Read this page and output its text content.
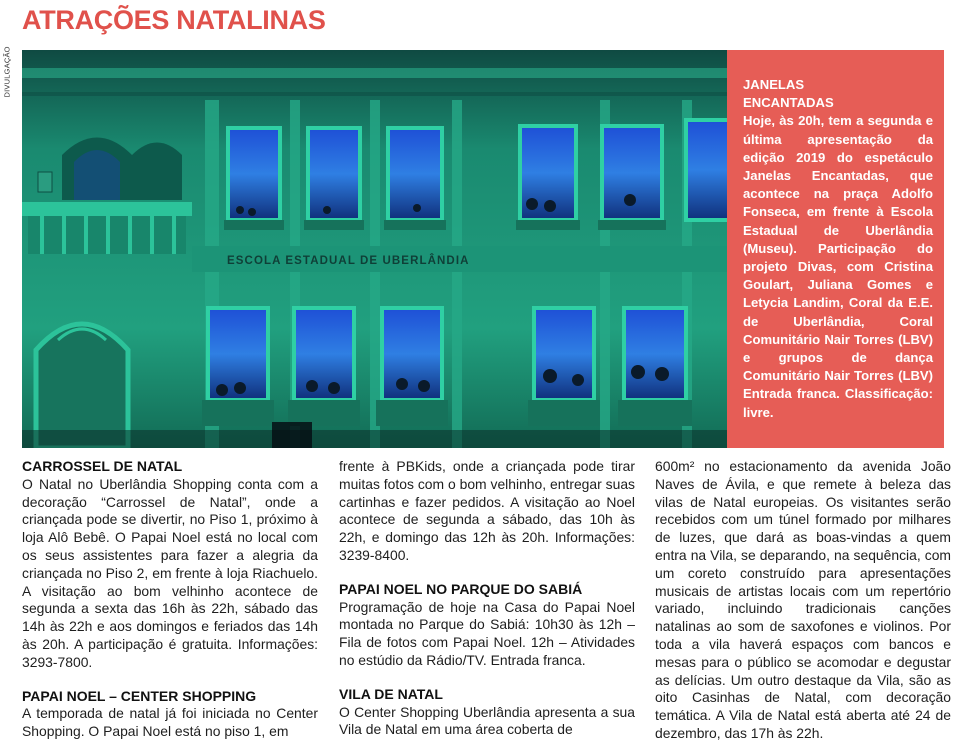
ATRAÇÕES NATALINAS
DIVULGAÇÃO
ESCOLA ESTADUAL DE UBERLÂNDIA
JANELAS ENCANTADAS

Hoje, às 20h, tem a segunda e última apresentação da edição 2019 do espetáculo Janelas Encantadas, que acontece na praça Adolfo Fonseca, em frente à Escola Estadual de Uberlândia (Museu). Participação do projeto Divas, com Cristina Goulart, Juliana Gomes e Letycia Landim, Coral da E.E. de Uberlândia, Coral Comunitário Nair Torres (LBV) e grupos de dança Comunitário Nair Torres (LBV) Entrada franca. Classificação: livre.

CARROSSEL DE NATAL

O Natal no Uberlândia Shopping conta com a decoração “Carrossel de Natal”, onde a criançada pode se divertir, no Piso 1, próximo à loja Alô Bebê. O Papai Noel está no local com os seus assistentes para fazer a alegria da criançada no Piso 2, em frente à loja Riachuelo. A visitação ao bom velhinho acontece de segunda a sexta das 16h às 22h, sábado das 14h às 22h e aos domingos e feriados das 14h às 20h. A participação é gratuita. Informações: 3293-7800.

PAPAI NOEL – CENTER SHOPPING

A temporada de natal já foi iniciada no Center Shopping. O Papai Noel está no piso 1, em

frente à PBKids, onde a criançada pode tirar muitas fotos com o bom velhinho, entregar suas cartinhas e fazer pedidos. A visitação ao Noel acontece de segunda a sábado, das 10h às 22h, e domingo das 12h às 20h. Informações: 3239-8400.

PAPAI NOEL NO PARQUE DO SABIÁ

Programação de hoje na Casa do Papai Noel montada no Parque do Sabiá: 10h30 às 12h – Fila de fotos com Papai Noel. 12h – Atividades no estúdio da Rádio/TV. Entrada franca.

VILA DE NATAL

O Center Shopping Uberlândia apresenta a sua Vila de Natal em uma área coberta de

600m² no estacionamento da avenida João Naves de Ávila, e que remete à beleza das vilas de Natal europeias. Os visitantes serão recebidos com um túnel formado por milhares de luzes, que dará as boas-vindas a quem entra na Vila, se deparando, na sequência, com um coreto construído para apresentações musicais de artistas locais com um repertório variado, incluindo tradicionais canções natalinas ao som de saxofones e violinos. Por toda a vila haverá espaços com bancos e mesas para o público se acomodar e degustar as delícias. Um outro destaque da Vila, são as oito Casinhas de Natal, com decoração temática. A Vila de Natal está aberta até 24 de dezembro, das 17h às 22h.
